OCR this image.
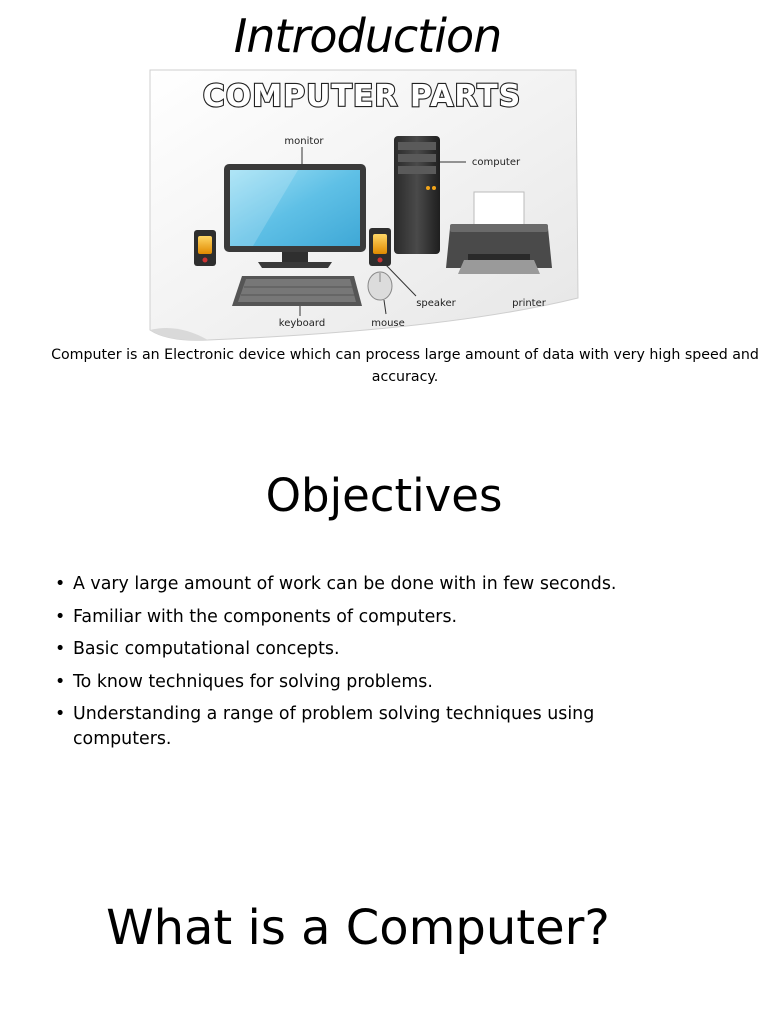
Introduction
COMPUTER PARTS
monitor
speaker
computer
printer
keyboard	mouse
Computer is an Electronic device which can process large amount of data with very high speed and accuracy.
Objectives
• A vary large amount of work can be done with in few seconds.
• Familiar with the components of computers.
• Basic computational concepts.
• To know techniques for solving problems.
• Understanding a range of problem solving techniques using computers.
What is a Computer?
